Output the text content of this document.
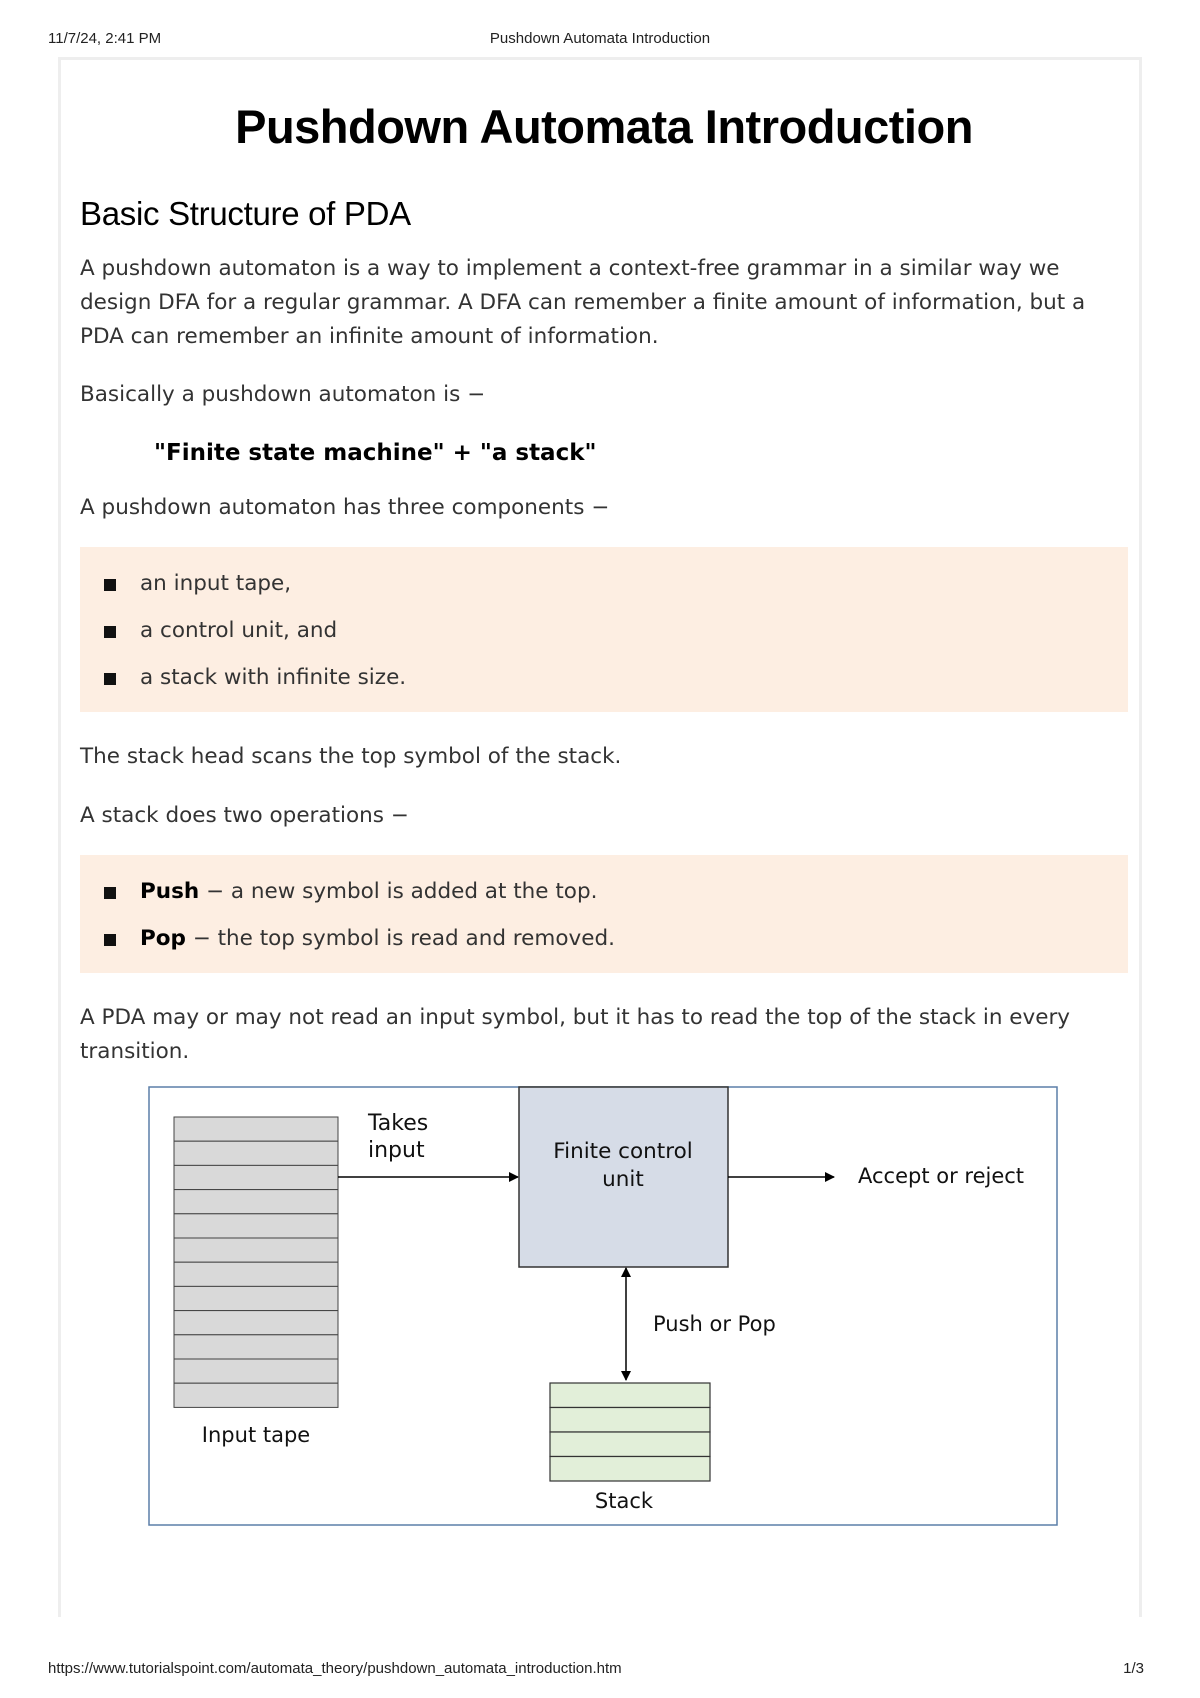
11/7/24, 2:41 PM	Pushdown Automata Introduction
Pushdown Automata Introduction
Basic Structure of PDA

A pushdown automaton is a way to implement a context-free grammar in a similar way we design DFA for a regular grammar. A DFA can remember a finite amount of information, but a PDA can remember an infinite amount of information.

Basically a pushdown automaton is −

"Finite state machine" + "a stack"

A pushdown automaton has three components −

an input tape,
a control unit, and
a stack with infinite size.

The stack head scans the top symbol of the stack.

A stack does two operations −

Push − a new symbol is added at the top.
Pop − the top symbol is read and removed.

A PDA may or may not read an input symbol, but it has to read the top of the stack in every transition.

Takes
input	Finite control
unit	Accept or reject
Push or Pop
Input tape
Stack
https://www.tutorialspoint.com/automata_theory/pushdown_automata_introduction.htm	1/3
